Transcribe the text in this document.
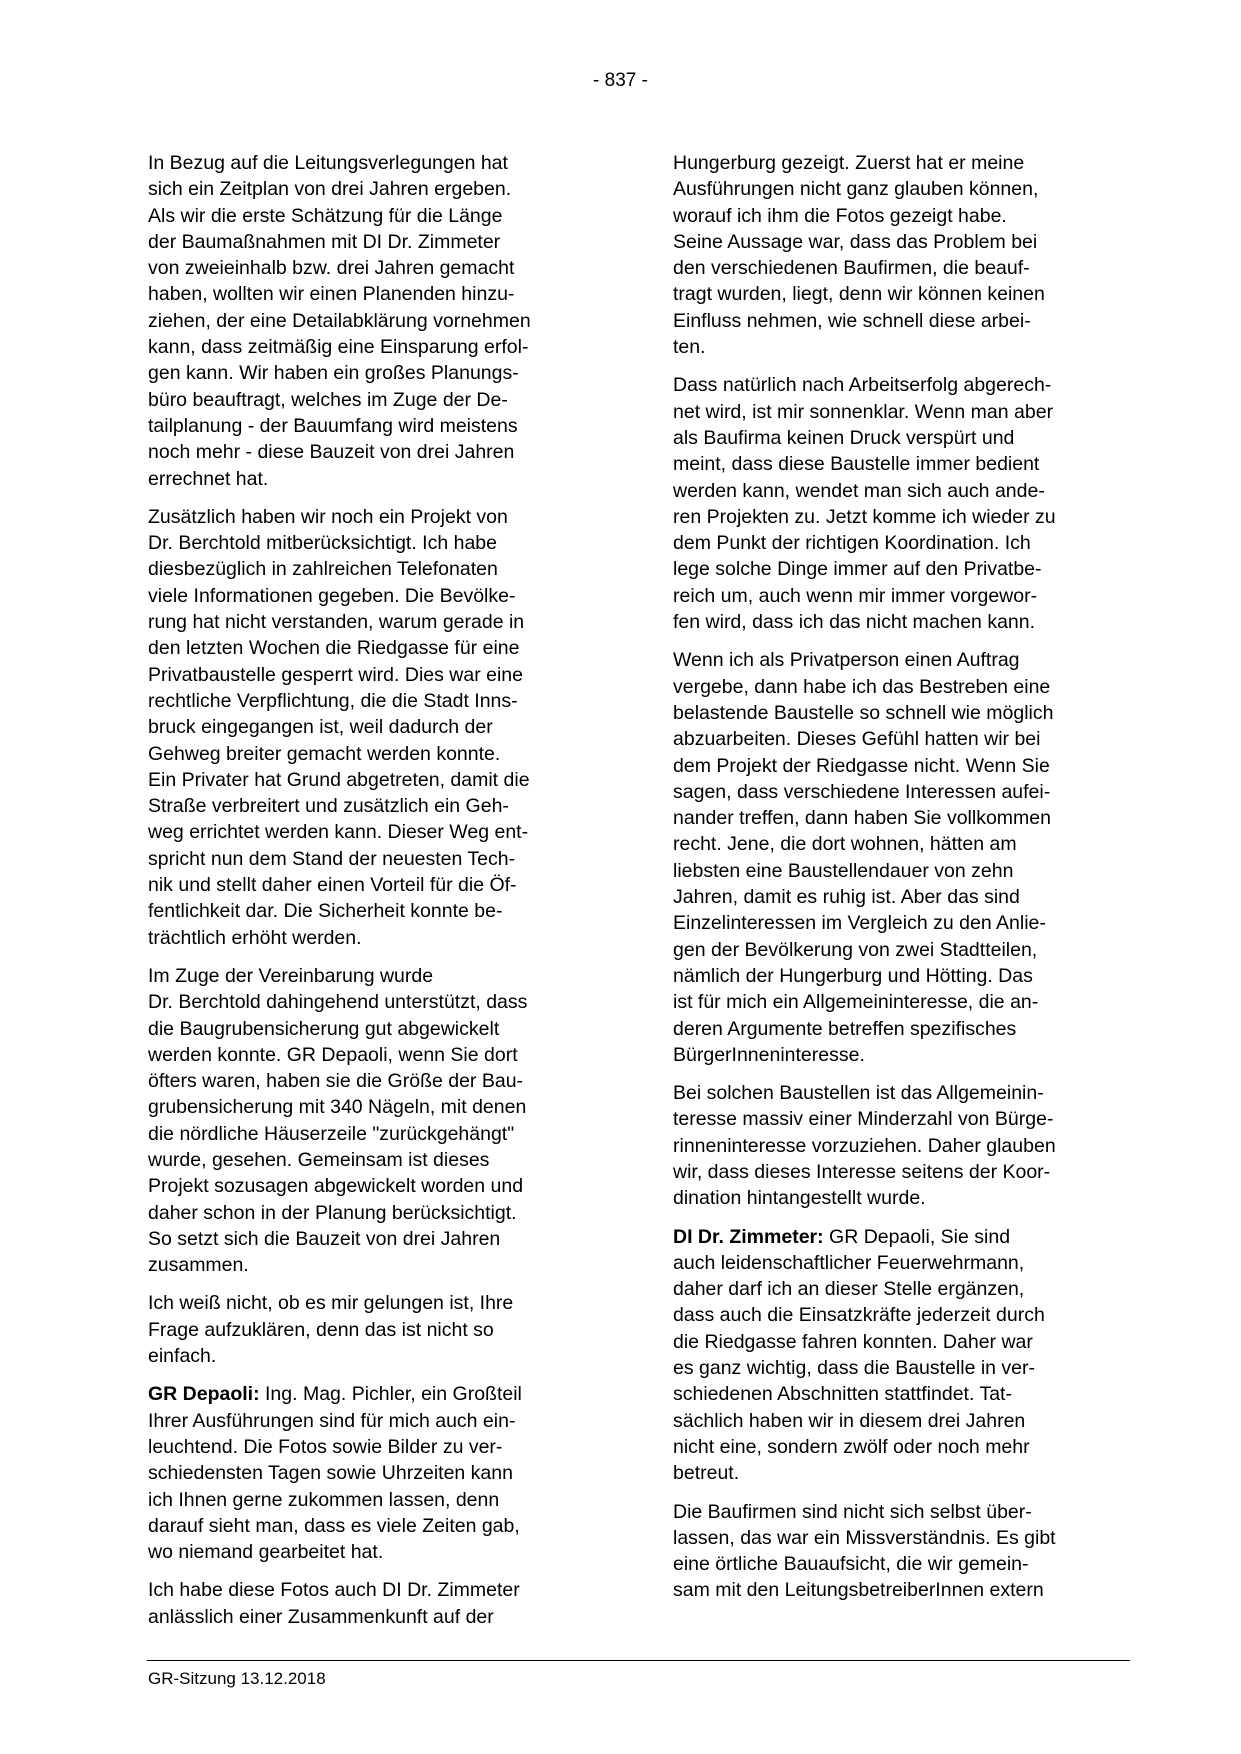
- 837 -
In Bezug auf die Leitungsverlegungen hat
sich ein Zeitplan von drei Jahren ergeben.
Als wir die erste Schätzung für die Länge
der Baumaßnahmen mit DI Dr. Zimmeter
von zweieinhalb bzw. drei Jahren gemacht
haben, wollten wir einen Planenden hinzu-
ziehen, der eine Detailabklärung vornehmen
kann, dass zeitmäßig eine Einsparung erfol-
gen kann. Wir haben ein großes Planungs-
büro beauftragt, welches im Zuge der De-
tailplanung - der Bauumfang wird meistens
noch mehr - diese Bauzeit von drei Jahren
errechnet hat.
Zusätzlich haben wir noch ein Projekt von
Dr. Berchtold mitberücksichtigt. Ich habe
diesbezüglich in zahlreichen Telefonaten
viele Informationen gegeben. Die Bevölke-
rung hat nicht verstanden, warum gerade in
den letzten Wochen die Riedgasse für eine
Privatbaustelle gesperrt wird. Dies war eine
rechtliche Verpflichtung, die die Stadt Inns-
bruck eingegangen ist, weil dadurch der
Gehweg breiter gemacht werden konnte.
Ein Privater hat Grund abgetreten, damit die
Straße verbreitert und zusätzlich ein Geh-
weg errichtet werden kann. Dieser Weg ent-
spricht nun dem Stand der neuesten Tech-
nik und stellt daher einen Vorteil für die Öf-
fentlichkeit dar. Die Sicherheit konnte be-
trächtlich erhöht werden.
Im Zuge der Vereinbarung wurde
Dr. Berchtold dahingehend unterstützt, dass
die Baugrubensicherung gut abgewickelt
werden konnte. GR Depaoli, wenn Sie dort
öfters waren, haben sie die Größe der Bau-
grubensicherung mit 340 Nägeln, mit denen
die nördliche Häuserzeile "zurückgehängt"
wurde, gesehen. Gemeinsam ist dieses
Projekt sozusagen abgewickelt worden und
daher schon in der Planung berücksichtigt.
So setzt sich die Bauzeit von drei Jahren
zusammen.
Ich weiß nicht, ob es mir gelungen ist, Ihre
Frage aufzuklären, denn das ist nicht so
einfach.
GR Depaoli: Ing. Mag. Pichler, ein Großteil
Ihrer Ausführungen sind für mich auch ein-
leuchtend. Die Fotos sowie Bilder zu ver-
schiedensten Tagen sowie Uhrzeiten kann
ich Ihnen gerne zukommen lassen, denn
darauf sieht man, dass es viele Zeiten gab,
wo niemand gearbeitet hat.
Ich habe diese Fotos auch DI Dr. Zimmeter
anlässlich einer Zusammenkunft auf der
Hungerburg gezeigt. Zuerst hat er meine
Ausführungen nicht ganz glauben können,
worauf ich ihm die Fotos gezeigt habe.
Seine Aussage war, dass das Problem bei
den verschiedenen Baufirmen, die beauf-
tragt wurden, liegt, denn wir können keinen
Einfluss nehmen, wie schnell diese arbei-
ten.
Dass natürlich nach Arbeitserfolg abgerech-
net wird, ist mir sonnenklar. Wenn man aber
als Baufirma keinen Druck verspürt und
meint, dass diese Baustelle immer bedient
werden kann, wendet man sich auch ande-
ren Projekten zu. Jetzt komme ich wieder zu
dem Punkt der richtigen Koordination. Ich
lege solche Dinge immer auf den Privatbe-
reich um, auch wenn mir immer vorgewor-
fen wird, dass ich das nicht machen kann.
Wenn ich als Privatperson einen Auftrag
vergebe, dann habe ich das Bestreben eine
belastende Baustelle so schnell wie möglich
abzuarbeiten. Dieses Gefühl hatten wir bei
dem Projekt der Riedgasse nicht. Wenn Sie
sagen, dass verschiedene Interessen aufei-
nander treffen, dann haben Sie vollkommen
recht. Jene, die dort wohnen, hätten am
liebsten eine Baustellendauer von zehn
Jahren, damit es ruhig ist. Aber das sind
Einzelinteressen im Vergleich zu den Anlie-
gen der Bevölkerung von zwei Stadtteilen,
nämlich der Hungerburg und Hötting. Das
ist für mich ein Allgemeininteresse, die an-
deren Argumente betreffen spezifisches
BürgerInneninteresse.
Bei solchen Baustellen ist das Allgemeinin-
teresse massiv einer Minderzahl von Bürge-
rinneninteresse vorzuziehen. Daher glauben
wir, dass dieses Interesse seitens der Koor-
dination hintangestellt wurde.
DI Dr. Zimmeter: GR Depaoli, Sie sind
auch leidenschaftlicher Feuerwehrmann,
daher darf ich an dieser Stelle ergänzen,
dass auch die Einsatzkräfte jederzeit durch
die Riedgasse fahren konnten. Daher war
es ganz wichtig, dass die Baustelle in ver-
schiedenen Abschnitten stattfindet. Tat-
sächlich haben wir in diesem drei Jahren
nicht eine, sondern zwölf oder noch mehr
betreut.
Die Baufirmen sind nicht sich selbst über-
lassen, das war ein Missverständnis. Es gibt
eine örtliche Bauaufsicht, die wir gemein-
sam mit den LeitungsbetreiberInnen extern
GR-Sitzung 13.12.2018
